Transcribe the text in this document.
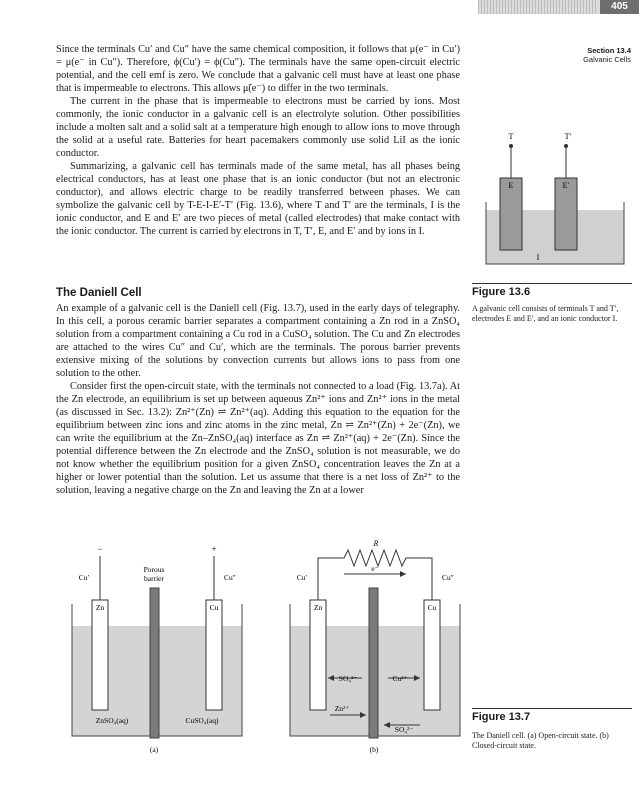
405
Section 13.4
Galvanic Cells

Since the terminals Cu′ and Cu″ have the same chemical composition, it follows that μ(e⁻ in Cu′) = μ(e⁻ in Cu″). Therefore, ϕ(Cu′) = ϕ(Cu″). The terminals have the same open-circuit electric potential, and the cell emf is zero. We conclude that a galvanic cell must have at least one phase that is impermeable to electrons. This allows μ̃(e⁻) to differ in the two terminals.

The current in the phase that is impermeable to electrons must be carried by ions. Most commonly, the ionic conductor in a galvanic cell is an electrolyte solution. Other possibilities include a molten salt and a solid salt at a temperature high enough to allow ions to move through the solid at a useful rate. Batteries for heart pacemakers commonly use solid LiI as the ionic conductor.

Summarizing, a galvanic cell has terminals made of the same metal, has all phases being electrical conductors, has at least one phase that is an ionic conductor (but not an electronic conductor), and allows electric charge to be readily transferred between phases. We can symbolize the galvanic cell by T-E-I-E′-T′ (Fig. 13.6), where T and T′ are the terminals, I is the ionic conductor, and E and E′ are two pieces of metal (called electrodes) that make contact with the ionic conductor. The current is carried by electrons in T, T′, E, and E′ and by ions in I.

The Daniell Cell

An example of a galvanic cell is the Daniell cell (Fig. 13.7), used in the early days of telegraphy. In this cell, a porous ceramic barrier separates a compartment containing a Zn rod in a ZnSO₄ solution from a compartment containing a Cu rod in a CuSO₄ solution. The Cu and Zn electrodes are attached to the wires Cu″ and Cu′, which are the terminals. The porous barrier prevents extensive mixing of the solutions by convection currents but allows ions to pass from one solution to the other.

Consider first the open-circuit state, with the terminals not connected to a load (Fig. 13.7a). At the Zn electrode, an equilibrium is set up between aqueous Zn²⁺ ions and Zn²⁺ ions in the metal (as discussed in Sec. 13.2): Zn²⁺(Zn) ⇌ Zn²⁺(aq). Adding this equation to the equation for the equilibrium between zinc ions and zinc atoms in the zinc metal, Zn ⇌ Zn²⁺(Zn) + 2e⁻(Zn), we can write the equilibrium at the Zn–ZnSO₄(aq) interface as Zn ⇌ Zn²⁺(aq) + 2e⁻(Zn). Since the potential difference between the Zn electrode and the ZnSO₄ solution is not measurable, we do not know whether the equilibrium position for a given ZnSO₄ concentration leaves the Zn at a higher or lower potential than the solution. Let us assume that there is a net loss of Zn²⁺ to the solution, leaving a negative charge on the Zn and leaving the Zn at a lower

T	T′
E	E′
I
Figure 13.6
A galvanic cell consists of terminals T and T′, electrodes E and E′, and an ionic conductor I.
−	+
Cu′
Porous
barrier	Cu″
Zn	Cu
ZnSO₄(aq)	CuSO₄(aq)
(a)
R
e⁻
Cu′	Cu″
Zn	Cu
SO₄²⁻	Cu²⁺
Zn²⁺
SO₄²⁻
(b)
Figure 13.7
The Daniell cell. (a) Open-circuit state. (b) Closed-circuit state.
